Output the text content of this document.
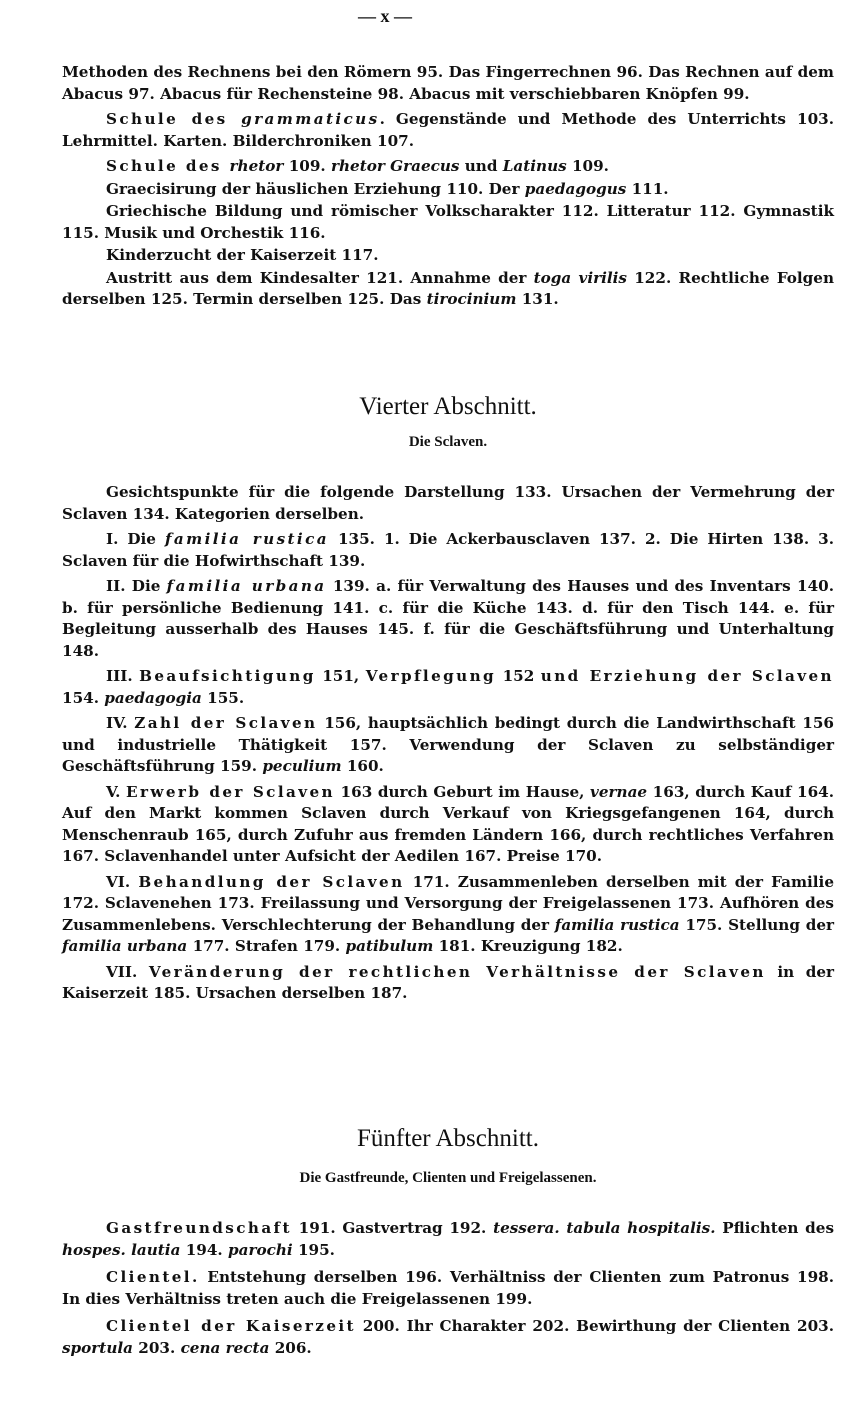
— x —

Methoden des Rechnens bei den Römern 95. Das Fingerrechnen 96. Das Rechnen auf dem Abacus 97. Abacus für Rechensteine 98. Abacus mit verschiebbaren Knöpfen 99.

Schule des grammaticus. Gegenstände und Methode des Unterrichts 103. Lehrmittel. Karten. Bilderchroniken 107.

Schule des rhetor 109. rhetor Graecus und Latinus 109.

Graecisirung der häuslichen Erziehung 110. Der paedagogus 111.

Griechische Bildung und römischer Volkscharakter 112. Litteratur 112. Gymnastik 115. Musik und Orchestik 116.

Kinderzucht der Kaiserzeit 117.

Austritt aus dem Kindesalter 121. Annahme der toga virilis 122. Rechtliche Folgen derselben 125. Termin derselben 125. Das tirocinium 131.

Vierter Abschnitt.
Die Sclaven.

Gesichtspunkte für die folgende Darstellung 133. Ursachen der Vermehrung der Sclaven 134. Kategorien derselben.

I. Die familia rustica 135. 1. Die Ackerbausclaven 137. 2. Die Hirten 138. 3. Sclaven für die Hofwirthschaft 139.

II. Die familia urbana 139. a. für Verwaltung des Hauses und des Inventars 140. b. für persönliche Bedienung 141. c. für die Küche 143. d. für den Tisch 144. e. für Begleitung ausserhalb des Hauses 145. f. für die Geschäftsführung und Unterhaltung 148.

III. Beaufsichtigung 151, Verpflegung 152 und Erziehung der Sclaven 154. paedagogia 155.

IV. Zahl der Sclaven 156, hauptsächlich bedingt durch die Landwirthschaft 156 und industrielle Thätigkeit 157. Verwendung der Sclaven zu selbständiger Geschäftsführung 159. peculium 160.

V. Erwerb der Sclaven 163 durch Geburt im Hause, vernae 163, durch Kauf 164. Auf den Markt kommen Sclaven durch Verkauf von Kriegsgefangenen 164, durch Menschenraub 165, durch Zufuhr aus fremden Ländern 166, durch rechtliches Verfahren 167. Sclavenhandel unter Aufsicht der Aedilen 167. Preise 170.

VI. Behandlung der Sclaven 171. Zusammenleben derselben mit der Familie 172. Sclavenehen 173. Freilassung und Versorgung der Freigelassenen 173. Aufhören des Zusammenlebens. Verschlechterung der Behandlung der familia rustica 175. Stellung der familia urbana 177. Strafen 179. patibulum 181. Kreuzigung 182.

VII. Veränderung der rechtlichen Verhältnisse der Sclaven in der Kaiserzeit 185. Ursachen derselben 187.

Fünfter Abschnitt.
Die Gastfreunde, Clienten und Freigelassenen.

Gastfreundschaft 191. Gastvertrag 192. tessera. tabula hospitalis. Pflichten des hospes. lautia 194. parochi 195.

Clientel. Entstehung derselben 196. Verhältniss der Clienten zum Patronus 198. In dies Verhältniss treten auch die Freigelassenen 199.

Clientel der Kaiserzeit 200. Ihr Charakter 202. Bewirthung der Clienten 203. sportula 203. cena recta 206.
